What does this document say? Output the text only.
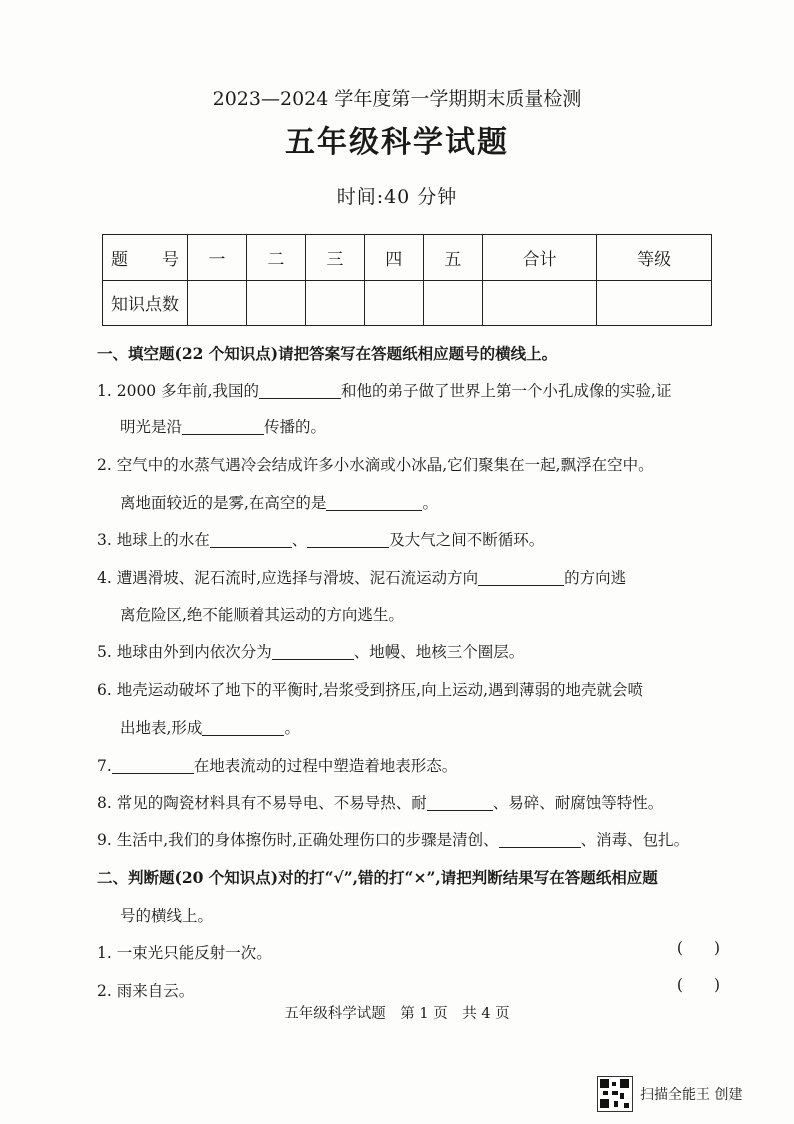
2023—2024 学年度第一学期期末质量检测
五年级科学试题
时间:40 分钟
题　　号	一	二	三	四	五	合计	等级
知识点数							
一、填空题(22 个知识点)请把答案写在答题纸相应题号的横线上。
1. 2000 多年前,我国的	和他的弟子做了世界上第一个小孔成像的实验,证
明光是沿	传播的。
2. 空气中的水蒸气遇冷会结成许多小水滴或小冰晶,它们聚集在一起,飘浮在空中。
离地面较近的是雾,在高空的是	。
3. 地球上的水在	、	及大气之间不断循环。
4. 遭遇滑坡、泥石流时,应选择与滑坡、泥石流运动方向	的方向逃
离危险区,绝不能顺着其运动的方向逃生。
5. 地球由外到内依次分为	、地幔、地核三个圈层。
6. 地壳运动破坏了地下的平衡时,岩浆受到挤压,向上运动,遇到薄弱的地壳就会喷
出地表,形成	。
7.	在地表流动的过程中塑造着地表形态。
8. 常见的陶瓷材料具有不易导电、不易导热、耐	、易碎、耐腐蚀等特性。
9. 生活中,我们的身体擦伤时,正确处理伤口的步骤是清创、	、消毒、包扎。
二、判断题(20 个知识点)对的打“√”,错的打“×”,请把判断结果写在答题纸相应题
号的横线上。
1. 一束光只能反射一次。	(　　)
2. 雨来自云。	(　　)
五年级科学试题　第 1 页　共 4 页
扫描全能王 创建
